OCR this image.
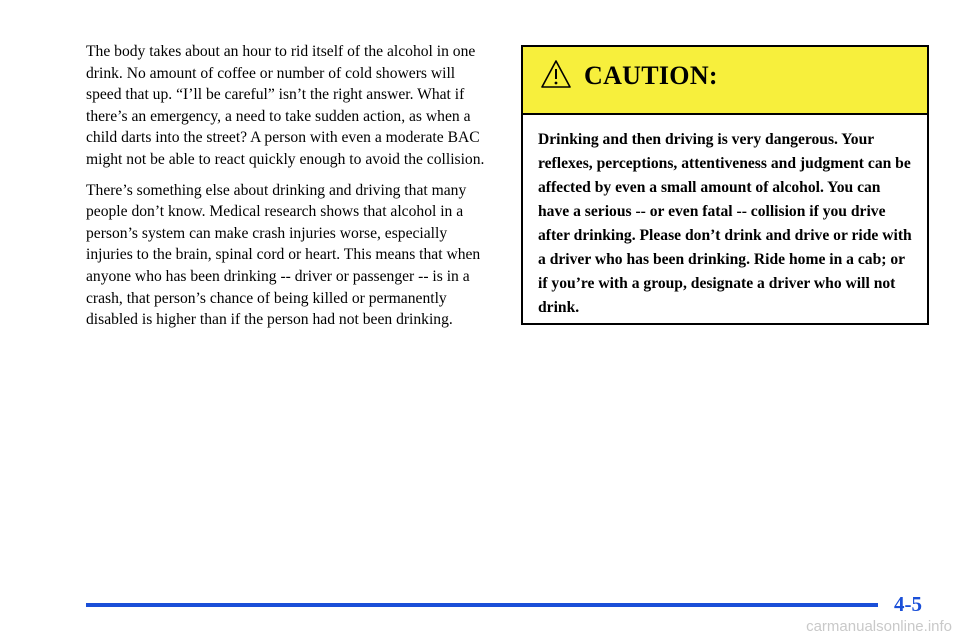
The body takes about an hour to rid itself of the alcohol in one drink. No amount of coffee or number of cold showers will speed that up. “I’ll be careful” isn’t the right answer. What if there’s an emergency, a need to take sudden action, as when a child darts into the street? A person with even a moderate BAC might not be able to react quickly enough to avoid the collision.

There’s something else about drinking and driving that many people don’t know. Medical research shows that alcohol in a person’s system can make crash injuries worse, especially injuries to the brain, spinal cord or heart. This means that when anyone who has been drinking -- driver or passenger -- is in a crash, that person’s chance of being killed or permanently disabled is higher than if the person had not been drinking.

CAUTION:
Drinking and then driving is very dangerous. Your reflexes, perceptions, attentiveness and judgment can be affected by even a small amount of alcohol. You can have a serious -- or even fatal -- collision if you drive after drinking. Please don’t drink and drive or ride with a driver who has been drinking. Ride home in a cab; or if you’re with a group, designate a driver who will not drink.
4-5
carmanualsonline.info
